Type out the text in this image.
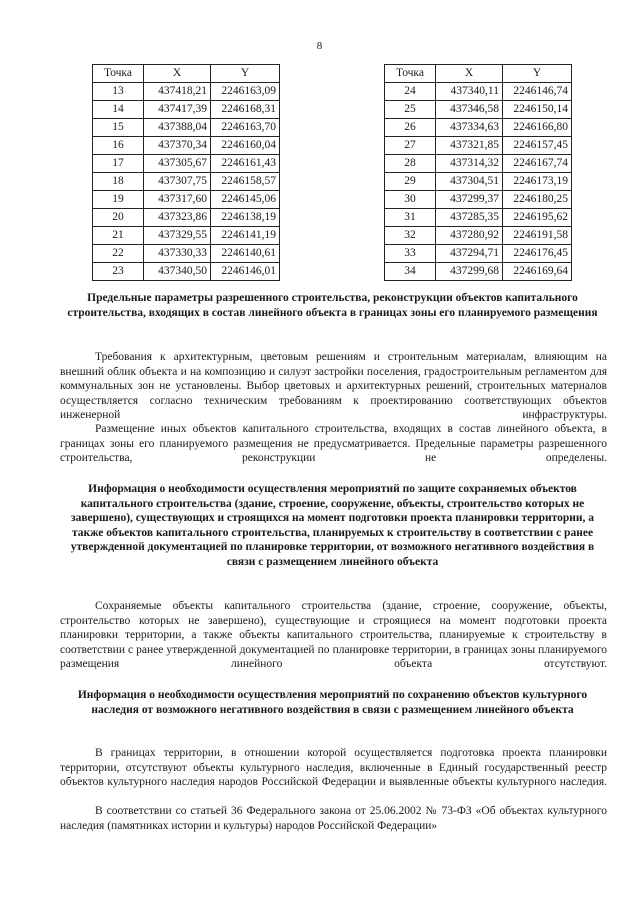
8
Точка	X	Y
13	437418,21	2246163,09
14	437417,39	2246168,31
15	437388,04	2246163,70
16	437370,34	2246160,04
17	437305,67	2246161,43
18	437307,75	2246158,57
19	437317,60	2246145,06
20	437323,86	2246138,19
21	437329,55	2246141,19
22	437330,33	2246140,61
23	437340,50	2246146,01
Точка	X	Y
24	437340,11	2246146,74
25	437346,58	2246150,14
26	437334,63	2246166,80
27	437321,85	2246157,45
28	437314,32	2246167,74
29	437304,51	2246173,19
30	437299,37	2246180,25
31	437285,35	2246195,62
32	437280,92	2246191,58
33	437294,71	2246176,45
34	437299,68	2246169,64
Предельные параметры разрешенного строительства, реконструкции объектов капитального строительства, входящих в состав линейного объекта в границах зоны его планируемого размещения

Требования к архитектурным, цветовым решениям и строительным материалам, влияющим на внешний облик объекта и на композицию и силуэт застройки поселения, градостроительным регламентом для коммунальных зон не установлены. Выбор цветовых и архитектурных решений, строительных материалов осуществляется согласно техническим требованиям к проектированию соответствующих объектов инженерной инфраструктуры.

Размещение иных объектов капитального строительства, входящих в состав линейного объекта, в границах зоны его планируемого размещения не предусматривается. Предельные параметры разрешенного строительства, реконструкции не определены.

Информация о необходимости осуществления мероприятий по защите сохраняемых объектов капитального строительства (здание, строение, сооружение, объекты, строительство которых не завершено), существующих и строящихся на момент подготовки проекта планировки территории, а также объектов капитального строительства, планируемых к строительству в соответствии с ранее утвержденной документацией по планировке территории, от возможного негативного воздействия в связи с размещением линейного объекта

Сохраняемые объекты капитального строительства (здание, строение, сооружение, объекты, строительство которых не завершено), существующие и строящиеся на момент подготовки проекта планировки территории, а также объекты капитального строительства, планируемые к строительству в соответствии с ранее утвержденной документацией по планировке территории, в границах зоны планируемого размещения линейного объекта отсутствуют.

Информация о необходимости осуществления мероприятий по сохранению объектов культурного наследия от возможного негативного воздействия в связи с размещением линейного объекта

В границах территории, в отношении которой осуществляется подготовка проекта планировки территории, отсутствуют объекты культурного наследия, включенные в Единый государственный реестр объектов культурного наследия народов Российской Федерации и выявленные объекты культурного наследия.

В соответствии со статьей 36 Федерального закона от 25.06.2002 № 73-ФЗ «Об объектах культурного наследия (памятниках истории и культуры) народов Российской Федерации»
